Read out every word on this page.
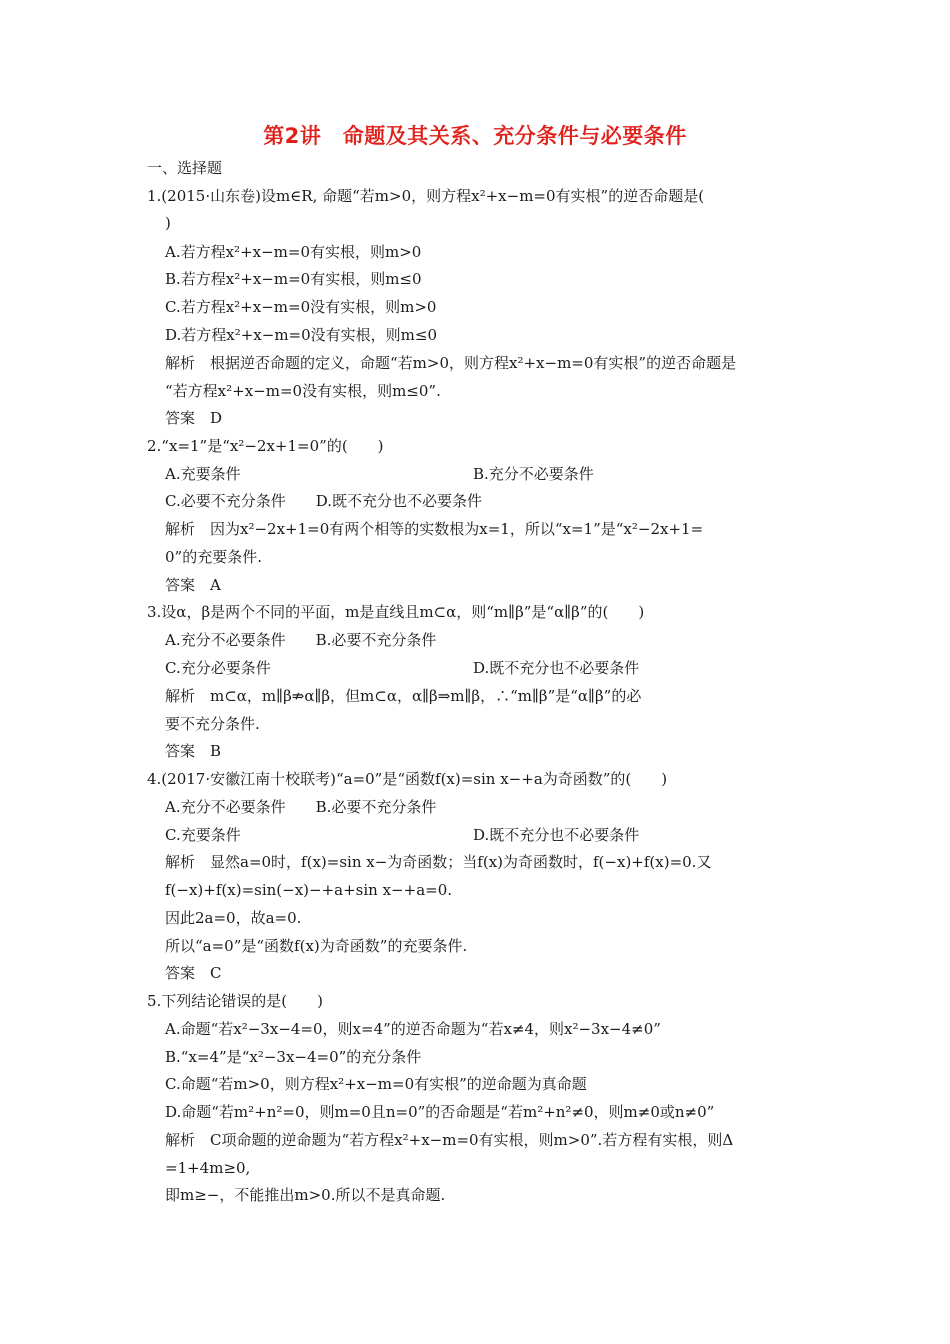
第2讲　命题及其关系、充分条件与必要条件
一、选择题
1.(2015·山东卷)设m∈R, 命题“若m>0，则方程x²+x−m=0有实根”的逆否命题是(
)
A.若方程x²+x−m=0有实根，则m>0
B.若方程x²+x−m=0有实根，则m≤0
C.若方程x²+x−m=0没有实根，则m>0
D.若方程x²+x−m=0没有实根，则m≤0
解析　根据逆否命题的定义，命题“若m>0，则方程x²+x−m=0有实根”的逆否命题是
“若方程x²+x−m=0没有实根，则m≤0”.
答案　D
2.“x=1”是“x²−2x+1=0”的(　　)
A.充要条件	B.充分不必要条件
C.必要不充分条件　　D.既不充分也不必要条件
解析　因为x²−2x+1=0有两个相等的实数根为x=1，所以“x=1”是“x²−2x+1=
0”的充要条件.
答案　A
3.设α，β是两个不同的平面，m是直线且m⊂α，则“m∥β”是“α∥β”的(　　)
A.充分不必要条件　　B.必要不充分条件
C.充分必要条件	D.既不充分也不必要条件
解析　m⊂α，m∥β⇏α∥β，但m⊂α，α∥β⇒m∥β，∴“m∥β”是“α∥β”的必
要不充分条件.
答案　B
4.(2017·安徽江南十校联考)“a=0”是“函数f(x)=sin x−+a为奇函数”的(　　)
A.充分不必要条件　　B.必要不充分条件
C.充要条件	D.既不充分也不必要条件
解析　显然a=0时，f(x)=sin x−为奇函数；当f(x)为奇函数时，f(−x)+f(x)=0.又
f(−x)+f(x)=sin(−x)−+a+sin x−+a=0.
因此2a=0，故a=0.
所以“a=0”是“函数f(x)为奇函数”的充要条件.
答案　C
5.下列结论错误的是(　　)
A.命题“若x²−3x−4=0，则x=4”的逆否命题为“若x≠4，则x²−3x−4≠0”
B.“x=4”是“x²−3x−4=0”的充分条件
C.命题“若m>0，则方程x²+x−m=0有实根”的逆命题为真命题
D.命题“若m²+n²=0，则m=0且n=0”的否命题是“若m²+n²≠0，则m≠0或n≠0”
解析　C项命题的逆命题为“若方程x²+x−m=0有实根，则m>0”.若方程有实根，则Δ
=1+4m≥0,
即m≥−，不能推出m>0.所以不是真命题.
